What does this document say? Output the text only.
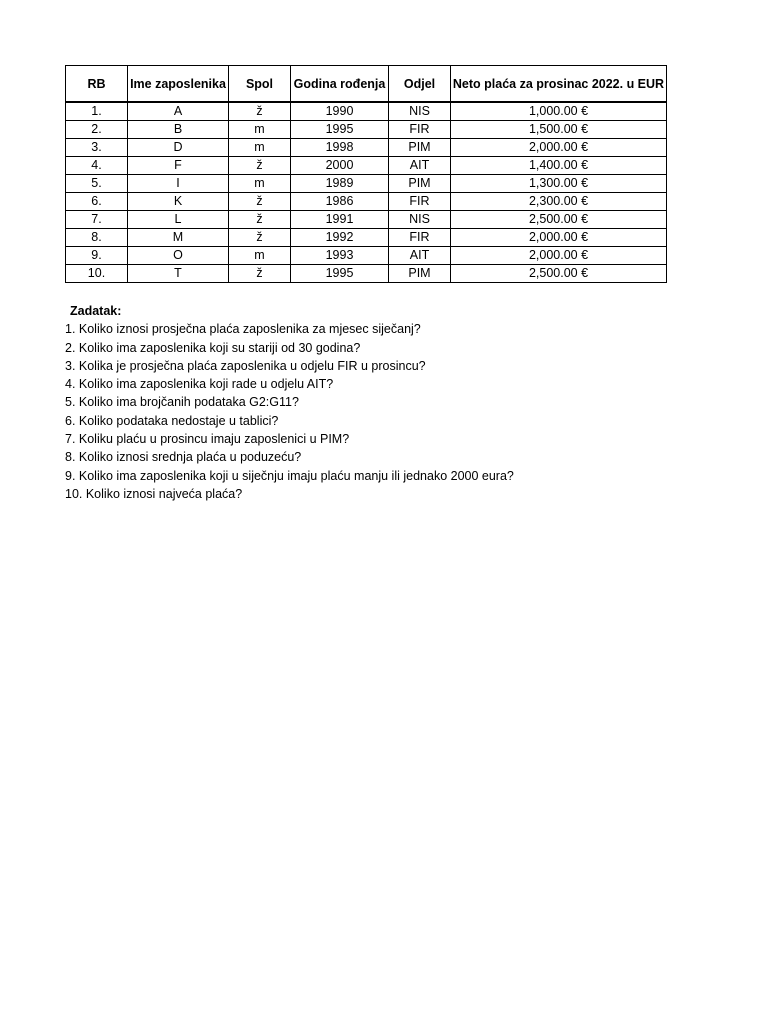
RB	Ime zaposlenika	Spol	Godina rođenja	Odjel	Neto plaća za prosinac 2022. u EUR
1.	A	ž	1990	NIS	1,000.00 €
2.	B	m	1995	FIR	1,500.00 €
3.	D	m	1998	PIM	2,000.00 €
4.	F	ž	2000	AIT	1,400.00 €
5.	I	m	1989	PIM	1,300.00 €
6.	K	ž	1986	FIR	2,300.00 €
7.	L	ž	1991	NIS	2,500.00 €
8.	M	ž	1992	FIR	2,000.00 €
9.	O	m	1993	AIT	2,000.00 €
10.	T	ž	1995	PIM	2,500.00 €
Zadatak:
1. Koliko iznosi prosječna plaća zaposlenika za mjesec siječanj?
2. Koliko ima zaposlenika koji su stariji od 30 godina?
3. Kolika je prosječna plaća zaposlenika u odjelu FIR u prosincu?
4. Koliko ima zaposlenika koji rade u odjelu AIT?
5. Koliko ima brojčanih podataka G2:G11?
6. Koliko podataka nedostaje u tablici?
7. Koliku plaću u prosincu imaju zaposlenici u PIM?
8. Koliko iznosi srednja plaća u poduzeću?
9. Koliko ima zaposlenika koji u siječnju imaju plaću manju ili jednako 2000 eura?
10. Koliko iznosi najveća plaća?
